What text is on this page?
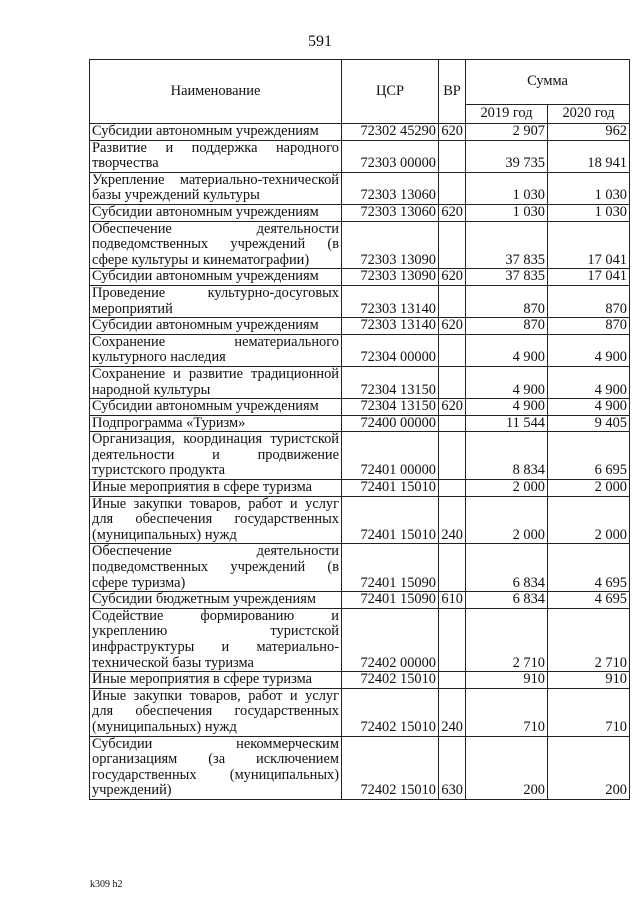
591
Наименование	ЦСР	ВР	Сумма	
			2019 год	2020 год
Субсидии автономным учреждениям	72302 45290	620	2 907	962
Развитие и поддержка народного творчества	72303 00000		39 735	18 941
Укрепление материально-технической базы учреждений культуры	72303 13060		1 030	1 030
Субсидии автономным учреждениям	72303 13060	620	1 030	1 030
Обеспечение деятельности подведомственных учреждений (в сфере культуры и кинематографии)	72303 13090		37 835	17 041
Субсидии автономным учреждениям	72303 13090	620	37 835	17 041
Проведение культурно-досуговых мероприятий	72303 13140		870	870
Субсидии автономным учреждениям	72303 13140	620	870	870
Сохранение нематериального культурного наследия	72304 00000		4 900	4 900
Сохранение и развитие традиционной народной культуры	72304 13150		4 900	4 900
Субсидии автономным учреждениям	72304 13150	620	4 900	4 900
Подпрограмма «Туризм»	72400 00000		11 544	9 405
Организация, координация туристской деятельности и продвижение туристского продукта	72401 00000		8 834	6 695
Иные мероприятия в сфере туризма	72401 15010		2 000	2 000
Иные закупки товаров, работ и услуг для обеспечения государственных (муниципальных) нужд	72401 15010	240	2 000	2 000
Обеспечение деятельности подведомственных учреждений (в сфере туризма)	72401 15090		6 834	4 695
Субсидии бюджетным учреждениям	72401 15090	610	6 834	4 695
Содействие формированию и укреплению туристской инфраструктуры и материально-технической базы туризма	72402 00000		2 710	2 710
Иные мероприятия в сфере туризма	72402 15010		910	910
Иные закупки товаров, работ и услуг для обеспечения государственных (муниципальных) нужд	72402 15010	240	710	710
Субсидии некоммерческим организациям (за исключением государственных (муниципальных) учреждений)	72402 15010	630	200	200
k309 h2
